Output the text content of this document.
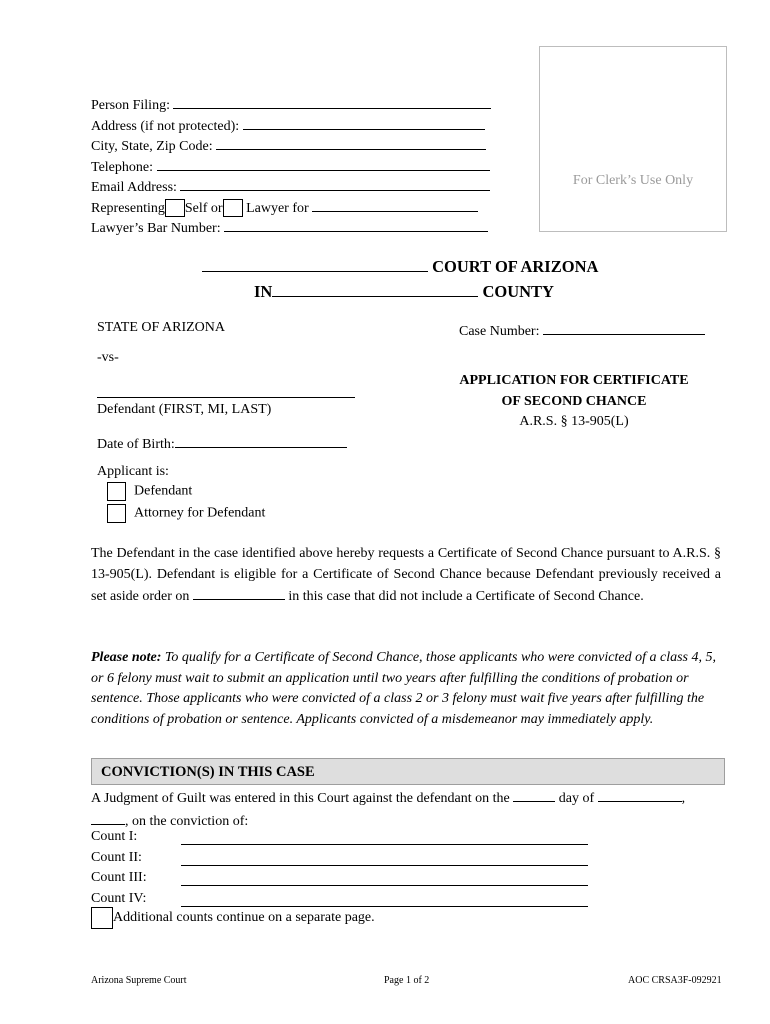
Person Filing:
Address (if not protected):
City, State, Zip Code:
Telephone:
Email Address:
Representing Self or Lawyer for
Lawyer’s Bar Number:
For Clerk’s Use Only
COURT OF ARIZONA
IN	COUNTY
STATE OF ARIZONA	Case Number:
-vs-
Defendant (FIRST, MI, LAST)
Date of Birth:
APPLICATION FOR CERTIFICATE
OF SECOND CHANCE
A.R.S. § 13-905(L)
Applicant is:
Defendant
Attorney for Defendant
The Defendant in the case identified above hereby requests a Certificate of Second Chance pursuant to A.R.S. § 13-905(L). Defendant is eligible for a Certificate of Second Chance because Defendant previously received a set aside order on	in this case that did not include a Certificate of Second Chance.
Please note: To qualify for a Certificate of Second Chance, those applicants who were convicted of a class 4, 5, or 6 felony must wait to submit an application until two years after fulfilling the conditions of probation or sentence. Those applicants who were convicted of a class 2 or 3 felony must wait five years after fulfilling the conditions of probation or sentence. Applicants convicted of a misdemeanor may immediately apply.
CONVICTION(S) IN THIS CASE
A Judgment of Guilt was entered in this Court against the defendant on the	day of	,
, on the conviction of:
Count I:
Count II:
Count III:
Count IV:
Additional counts continue on a separate page.
Arizona Supreme Court	Page 1 of 2	AOC CRSA3F-092921
